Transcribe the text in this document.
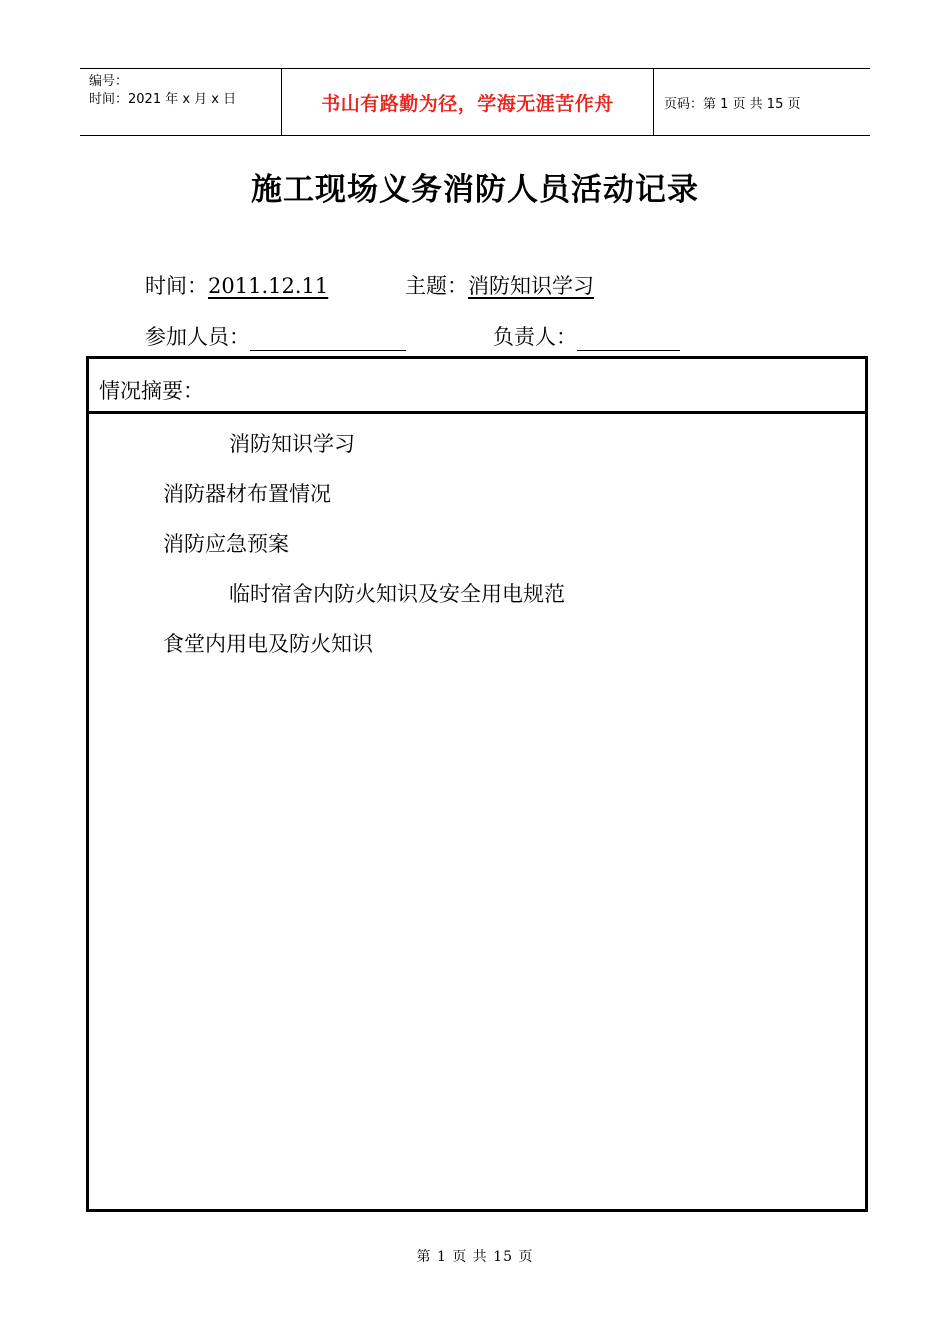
编号：
时间：2021 年 x 月 x 日	书山有路勤为径，学海无涯苦作舟	页码：第 1 页 共 15 页
施工现场义务消防人员活动记录
时间：2011.12.11	主题：消防知识学习
参加人员：	负责人：
情况摘要：
消防知识学习
消防器材布置情况
消防应急预案
临时宿舍内防火知识及安全用电规范
食堂内用电及防火知识
第 1 页 共 15 页
